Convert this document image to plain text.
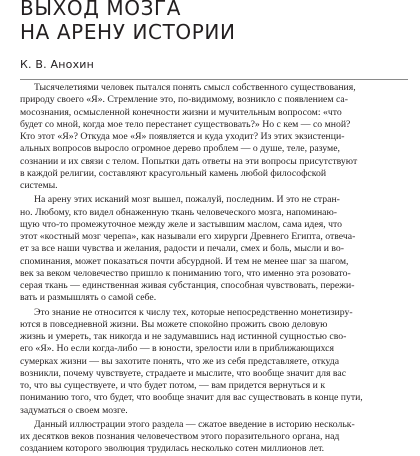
ВЫХОД МОЗГА
НА АРЕНУ ИСТОРИИ
К. В. Анохин

Тысячелетиями человек пытался понять смысл собственного существования,
природу своего «Я». Стремление это, по-видимому, возникло с появлением са-
мосознания, осмысленной конечности жизни и мучительным вопросом: «что
будет со мной, когда мое тело перестанет существовать?» Но с кем — со мной?
Кто этот «Я»? Откуда мое «Я» появляется и куда уходит? Из этих экзистенци-
альных вопросов выросло огромное дерево проблем — о душе, теле, разуме,
сознании и их связи с телом. Попытки дать ответы на эти вопросы присутствуют
в каждой религии, составляют красугольный камень любой философской
системы.

На арену этих исканий мозг вышел, пожалуй, последним. И это не стран-
но. Любому, кто видел обнаженную ткань человеческого мозга, напоминаю-
щую что-то промежуточное между желе и застывшим маслом, сама идея, что
этот «костный мозг черепа», как называли его хирурги Древнего Египта, отвеча-
ет за все наши чувства и желания, радости и печали, смех и боль, мысли и во-
споминания, может показаться почти абсурдной. И тем не менее шаг за шагом,
век за веком человечество пришло к пониманию того, что именно эта розовато-
серая ткань — единственная живая субстанция, способная чувствовать, пережи-
вать и размышлять о самой себе.

Это знание не относится к числу тех, которые непосредственно монетизиру-
ются в повседневной жизни. Вы можете спокойно прожить свою деловую
жизнь и умереть, так никогда и не задумавшись над истинной сущностью сво-
его «Я». Но если когда-либо — в юности, зрелости или в приближающихся
сумерках жизни — вы захотите понять, что же из себя представляете, откуда
возникли, почему чувствуете, страдаете и мыслите, что вообще значит для вас
то, что вы существуете, и что будет потом, — вам придется вернуться и к
пониманию того, что будет, что вообще значит для вас существовать в конце пути,
задуматься о своем мозге.

Данный иллюстрации этого раздела — сжатое введение в историю нескольк-
их десятков веков познания человечеством этого поразительного органа, над
созданием которого эволюция трудилась несколько сотен миллионов лет.
